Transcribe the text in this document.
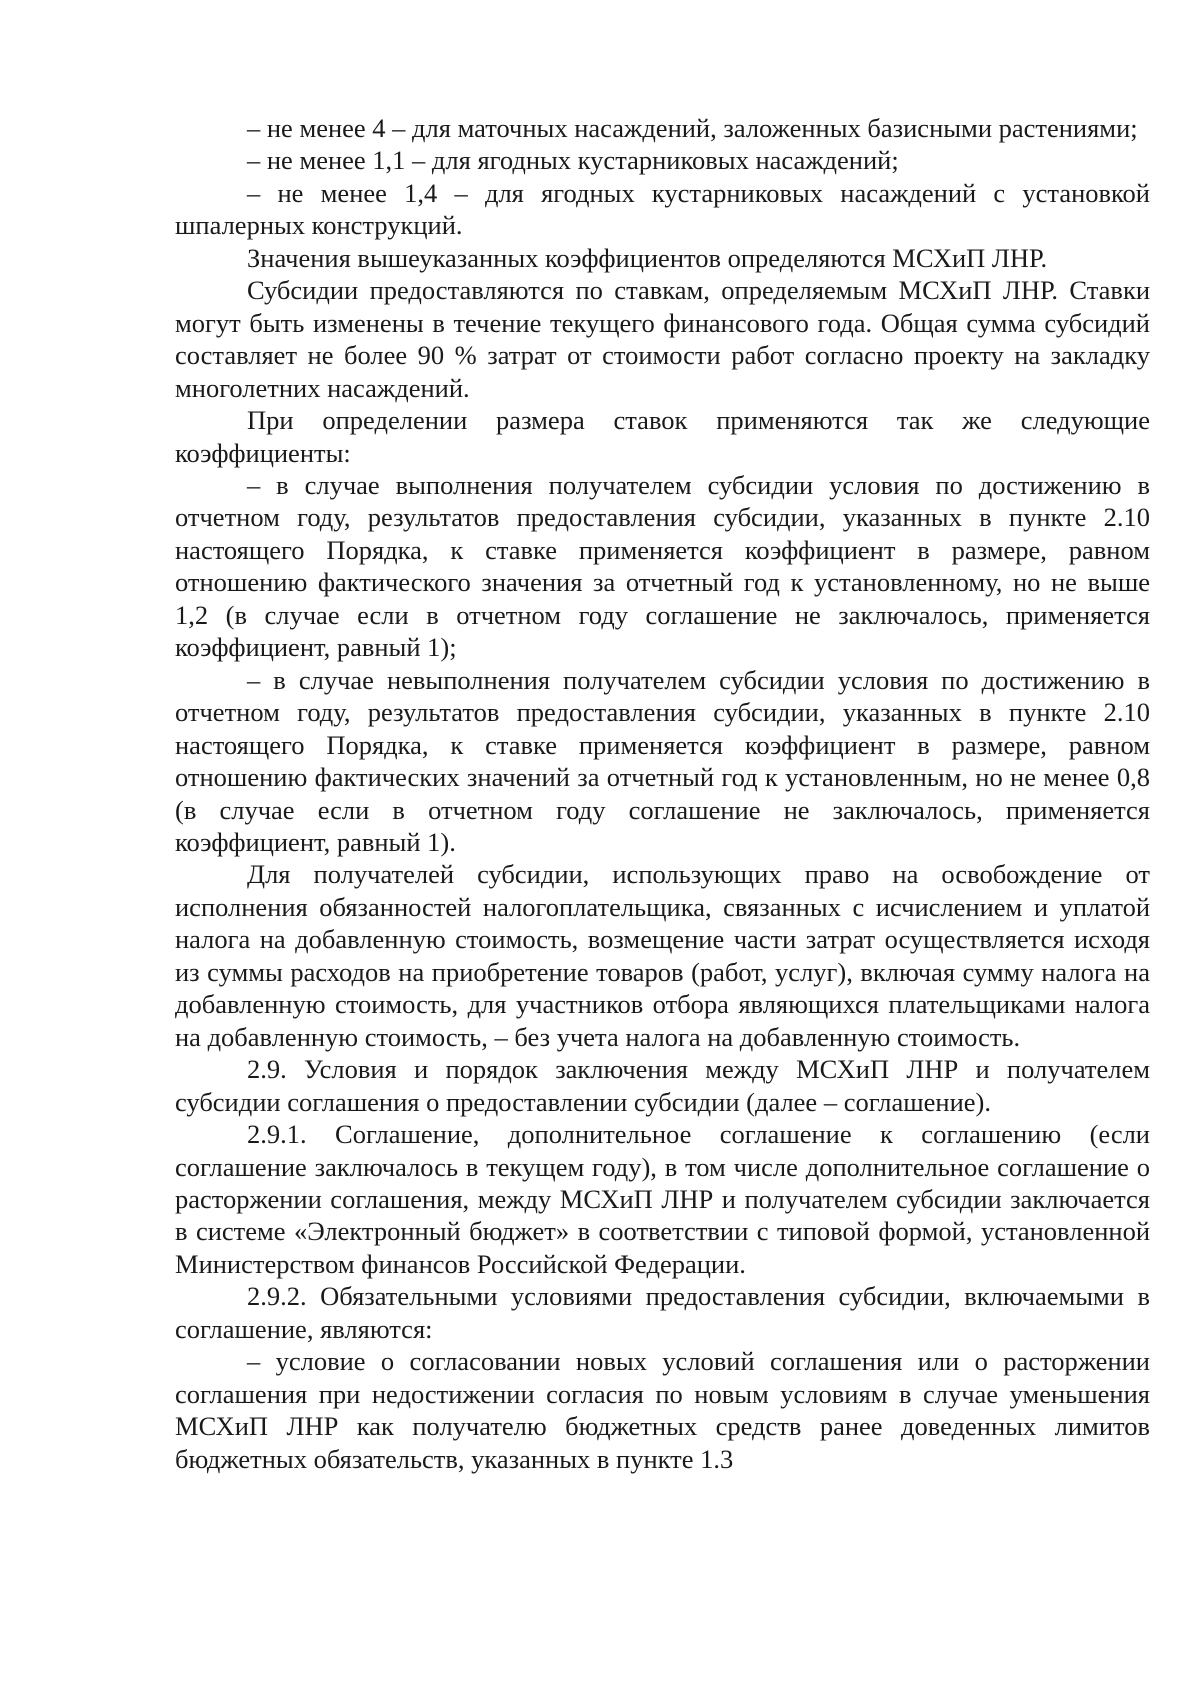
– не менее 4 – для маточных насаждений, заложенных базисными растениями;

– не менее 1,1 – для ягодных кустарниковых насаждений;

– не менее 1,4 – для ягодных кустарниковых насаждений с установкой шпалерных конструкций.

Значения вышеуказанных коэффициентов определяются МСХиП ЛНР.

Субсидии предоставляются по ставкам, определяемым МСХиП ЛНР. Ставки могут быть изменены в течение текущего финансового года. Общая сумма субсидий составляет не более 90 % затрат от стоимости работ согласно проекту на закладку многолетних насаждений.

При определении размера ставок применяются так же следующие коэффициенты:

– в случае выполнения получателем субсидии условия по достижению в отчетном году, результатов предоставления субсидии, указанных в пункте 2.10 настоящего Порядка, к ставке применяется коэффициент в размере, равном отношению фактического значения за отчетный год к установленному, но не выше 1,2 (в случае если в отчетном году соглашение не заключалось, применяется коэффициент, равный 1);

– в случае невыполнения получателем субсидии условия по достижению в отчетном году, результатов предоставления субсидии, указанных в пункте 2.10 настоящего Порядка, к ставке применяется коэффициент в размере, равном отношению фактических значений за отчетный год к установленным, но не менее 0,8 (в случае если в отчетном году соглашение не заключалось, применяется коэффициент, равный 1).

Для получателей субсидии, использующих право на освобождение от исполнения обязанностей налогоплательщика, связанных с исчислением и уплатой налога на добавленную стоимость, возмещение части затрат осуществляется исходя из суммы расходов на приобретение товаров (работ, услуг), включая сумму налога на добавленную стоимость, для участников отбора являющихся плательщиками налога на добавленную стоимость, – без учета налога на добавленную стоимость.

2.9. Условия и порядок заключения между МСХиП ЛНР и получателем субсидии соглашения о предоставлении субсидии (далее – соглашение).

2.9.1. Соглашение, дополнительное соглашение к соглашению (если соглашение заключалось в текущем году), в том числе дополнительное соглашение о расторжении соглашения, между МСХиП ЛНР и получателем субсидии заключается в системе «Электронный бюджет» в соответствии с типовой формой, установленной Министерством финансов Российской Федерации.

2.9.2. Обязательными условиями предоставления субсидии, включаемыми в соглашение, являются:

– условие о согласовании новых условий соглашения или о расторжении соглашения при недостижении согласия по новым условиям в случае уменьшения МСХиП ЛНР как получателю бюджетных средств ранее доведенных лимитов бюджетных обязательств, указанных в пункте 1.3
